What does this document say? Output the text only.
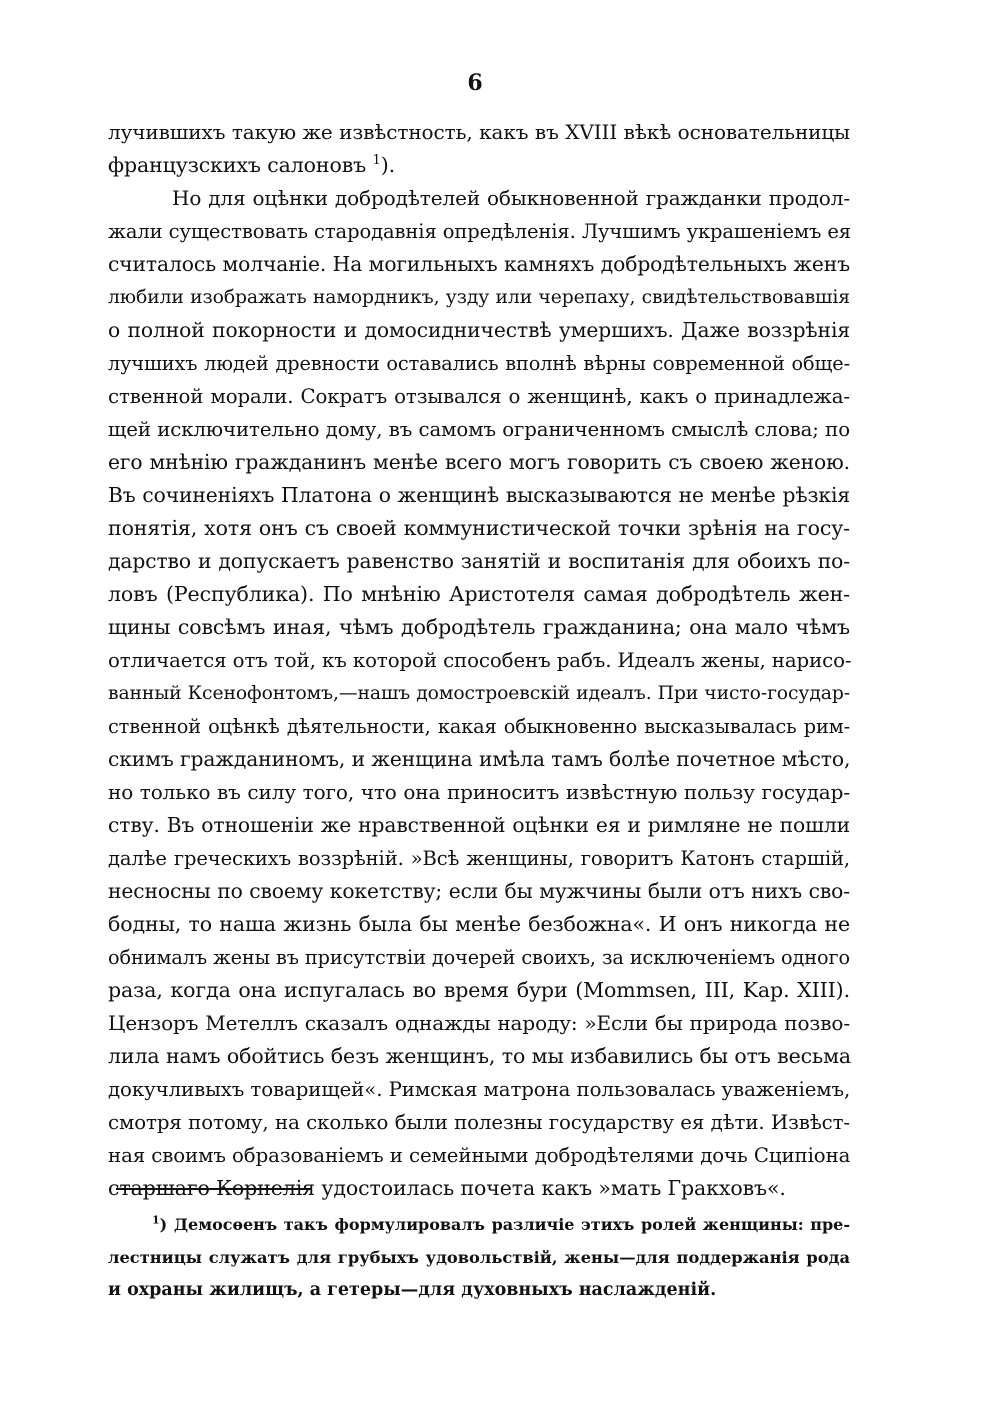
6
лучившихъ такую же извѣстность, какъ въ XVIII вѣкѣ основательницы
французскихъ салоновъ $^1$).
Но для оцѣнки добродѣтелей обыкновенной гражданки продол-
жали существовать стародавнія опредѣленія. Лучшимъ украшеніемъ ея
считалось молчаніе. На могильныхъ камняхъ добродѣтельныхъ женъ
любили изображать намордникъ, узду или черепаху, свидѣтельствовавшія
о полной покорности и домосидничествѣ умершихъ. Даже воззрѣнія
лучшихъ людей древности оставались вполнѣ вѣрны современной обще-
ственной морали. Сократъ отзывался о женщинѣ, какъ о принадлежа-
щей исключительно дому, въ самомъ ограниченномъ смыслѣ слова; по
его мнѣнію гражданинъ менѣе всего могъ говорить съ своею женою.
Въ сочиненіяхъ Платона о женщинѣ высказываются не менѣе рѣзкія
понятія, хотя онъ съ своей коммунистической точки зрѣнія на госу-
дарство и допускаетъ равенство занятій и воспитанія для обоихъ по-
ловъ (Республика). По мнѣнію Аристотеля самая добродѣтель жен-
щины совсѣмъ иная, чѣмъ добродѣтель гражданина; она мало чѣмъ
отличается отъ той, къ которой способенъ рабъ. Идеалъ жены, нарисо-
ванный Ксенофонтомъ,—нашъ домостроевскій идеалъ. При чисто-государ-
ственной оцѣнкѣ дѣятельности, какая обыкновенно высказывалась рим-
скимъ гражданиномъ, и женщина имѣла тамъ болѣе почетное мѣсто,
но только въ силу того, что она приноситъ извѣстную пользу государ-
ству. Въ отношеніи же нравственной оцѣнки ея и римляне не пошли
далѣе греческихъ воззрѣній. »Всѣ женщины, говоритъ Катонъ старшій,
несносны по своему кокетству; если бы мужчины были отъ нихъ сво-
бодны, то наша жизнь была бы менѣе безбожна«. И онъ никогда не
обнималъ жены въ присутствіи дочерей своихъ, за исключеніемъ одного
раза, когда она испугалась во время бури (Mommsen, III, Kap. XIII).
Цензоръ Метеллъ сказалъ однажды народу: »Если бы природа позво-
лила намъ обойтись безъ женщинъ, то мы избавились бы отъ весьма
докучливыхъ товарищей«. Римская матрона пользовалась уваженіемъ,
смотря потому, на сколько были полезны государству ея дѣти. Извѣст-
ная своимъ образованіемъ и семейными добродѣтелями дочь Сципіона
старшаго Корнелія удостоилась почета какъ »мать Гракховъ«.
$^1$) Демосѳенъ такъ формулировалъ различіе этихъ ролей женщины: пре-
лестницы служатъ для грубыхъ удовольствій, жены—для поддержанія рода
и охраны жилищъ, а гетеры—для духовныхъ наслажденій.
